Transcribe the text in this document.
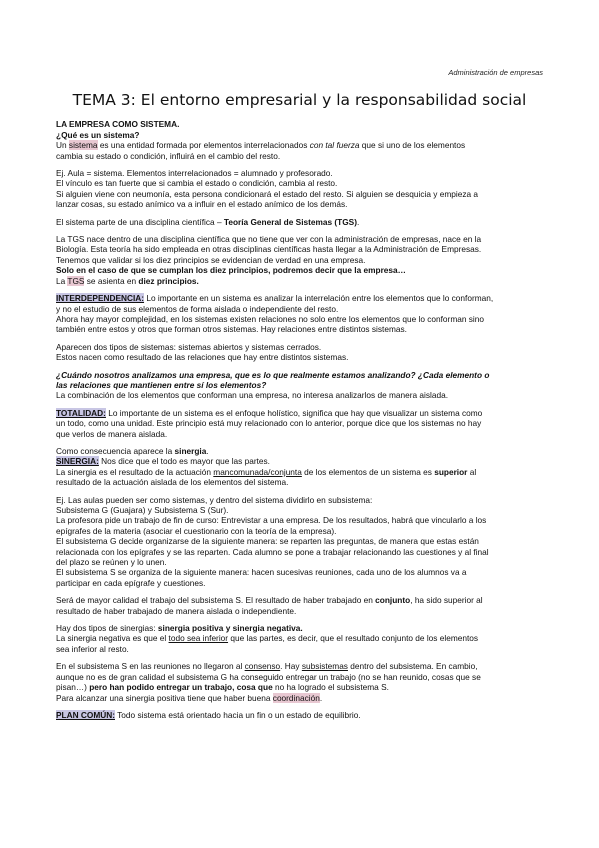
Administración de empresas
TEMA 3: El entorno empresarial y la responsabilidad social

LA EMPRESA COMO SISTEMA.
¿Qué es un sistema?
Un sistema es una entidad formada por elementos interrelacionados con tal fuerza que si uno de los elementos
cambia su estado o condición, influirá en el cambio del resto.

Ej. Aula = sistema. Elementos interrelacionados = alumnado y profesorado.
El vínculo es tan fuerte que si cambia el estado o condición, cambia al resto.
Si alguien viene con neumonía, esta persona condicionará el estado del resto. Si alguien se desquicia y empieza a
lanzar cosas, su estado anímico va a influir en el estado anímico de los demás.

El sistema parte de una disciplina científica – Teoría General de Sistemas (TGS).

La TGS nace dentro de una disciplina científica que no tiene que ver con la administración de empresas, nace en la
Biología. Esta teoría ha sido empleada en otras disciplinas científicas hasta llegar a la Administración de Empresas.
Tenemos que validar si los diez principios se evidencian de verdad en una empresa.
Solo en el caso de que se cumplan los diez principios, podremos decir que la empresa…
La TGS se asienta en diez principios.

INTERDEPENDENCIA: Lo importante en un sistema es analizar la interrelación entre los elementos que lo conforman,
y no el estudio de sus elementos de forma aislada o independiente del resto.
Ahora hay mayor complejidad, en los sistemas existen relaciones no solo entre los elementos que lo conforman sino
también entre estos y otros que forman otros sistemas. Hay relaciones entre distintos sistemas.

Aparecen dos tipos de sistemas: sistemas abiertos y sistemas cerrados.
Estos nacen como resultado de las relaciones que hay entre distintos sistemas.

¿Cuándo nosotros analizamos una empresa, que es lo que realmente estamos analizando? ¿Cada elemento o
las relaciones que mantienen entre sí los elementos?
La combinación de los elementos que conforman una empresa, no interesa analizarlos de manera aislada.

TOTALIDAD: Lo importante de un sistema es el enfoque holístico, significa que hay que visualizar un sistema como
un todo, como una unidad. Este principio está muy relacionado con lo anterior, porque dice que los sistemas no hay
que verlos de manera aislada.

Como consecuencia aparece la sinergia.
SINERGIA: Nos dice que el todo es mayor que las partes.
La sinergia es el resultado de la actuación mancomunada/conjunta de los elementos de un sistema es superior al
resultado de la actuación aislada de los elementos del sistema.

Ej. Las aulas pueden ser como sistemas, y dentro del sistema dividirlo en subsistema:
Subsistema G (Guajara) y Subsistema S (Sur).
La profesora pide un trabajo de fin de curso: Entrevistar a una empresa. De los resultados, habrá que vincularlo a los
epígrafes de la materia (asociar el cuestionario con la teoría de la empresa).
El subsistema G decide organizarse de la siguiente manera: se reparten las preguntas, de manera que estas están
relacionada con los epígrafes y se las reparten. Cada alumno se pone a trabajar relacionando las cuestiones y al final
del plazo se reúnen y lo unen.
El subsistema S se organiza de la siguiente manera: hacen sucesivas reuniones, cada uno de los alumnos va a
participar en cada epígrafe y cuestiones.

Será de mayor calidad el trabajo del subsistema S. El resultado de haber trabajado en conjunto, ha sido superior al
resultado de haber trabajado de manera aislada o independiente.

Hay dos tipos de sinergias: sinergia positiva y sinergia negativa.
La sinergia negativa es que el todo sea inferior que las partes, es decir, que el resultado conjunto de los elementos
sea inferior al resto.

En el subsistema S en las reuniones no llegaron al consenso. Hay subsistemas dentro del subsistema. En cambio,
aunque no es de gran calidad el subsistema G ha conseguido entregar un trabajo (no se han reunido, cosas que se
pisan…) pero han podido entregar un trabajo, cosa que no ha logrado el subsistema S.
Para alcanzar una sinergia positiva tiene que haber buena coordinación.

PLAN COMÚN: Todo sistema está orientado hacia un fin o un estado de equilibrio.
